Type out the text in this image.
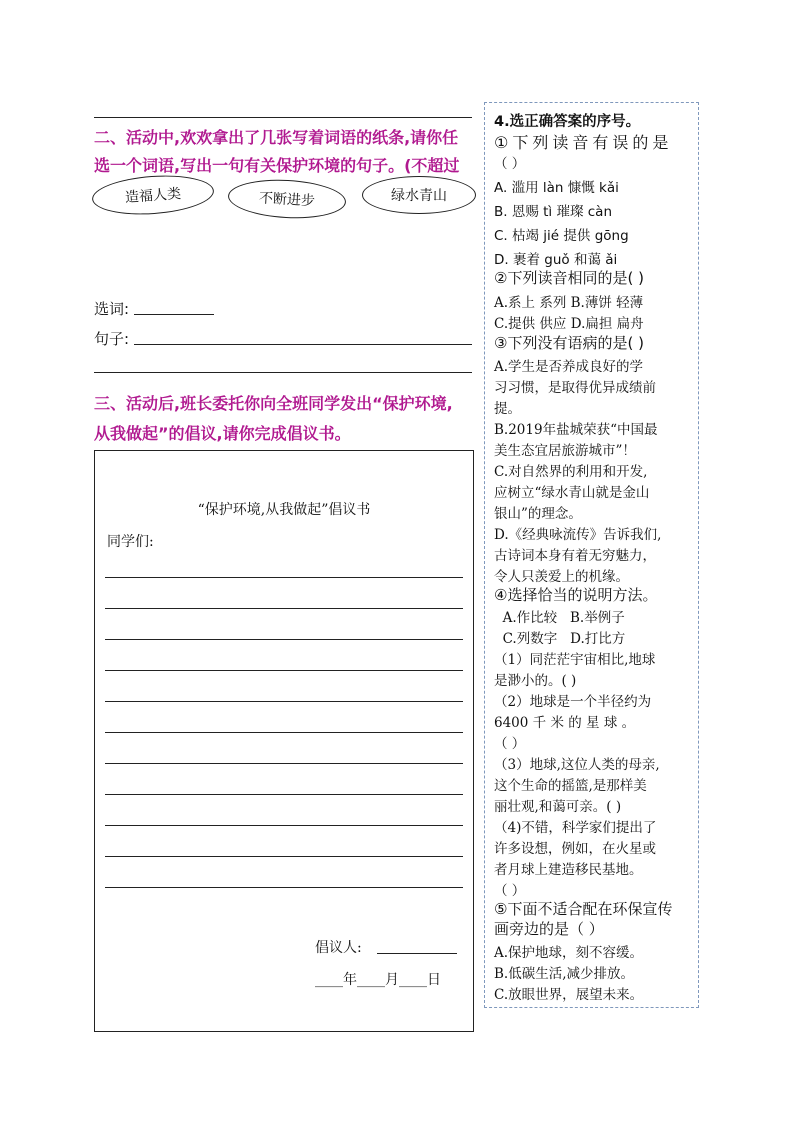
二、活动中,欢欢拿出了几张写着词语的纸条,请你任
选一个词语,写出一句有关保护环境的句子。(不超过
造福人类	不断进步	绿水青山
选词:
句子:
三、活动后,班长委托你向全班同学发出“保护环境,
从我做起”的倡议,请你完成倡议书。
“保护环境,从我做起”倡议书
同学们:
倡议人:
____年____月____日
4.选正确答案的序号。
①下列读音有误的是
（ ）
A. 滥用 làn 慷慨 kǎi
B. 恩赐 tì 璀璨 càn
C. 枯竭 jié 提供 gōng
D. 裹着 guǒ 和蔼 ǎi
②下列读音相同的是( )
A.系上 系列 B.薄饼 轻薄
C.提供 供应 D.扁担 扁舟
③下列没有语病的是( )
A.学生是否养成良好的学
习习惯，是取得优异成绩前
提。
B.2019年盐城荣获“中国最
美生态宜居旅游城市”！
C.对自然界的利用和开发,
应树立“绿水青山就是金山
银山”的理念。
D.《经典咏流传》告诉我们,
古诗词本身有着无穷魅力，
令人只羡爱上的机缘。
④选择恰当的说明方法。
A.作比较   B.举例子
C.列数字   D.打比方
（1）同茫茫宇宙相比,地球
是渺小的。( )
（2）地球是一个半径约为
6400 千 米 的 星 球 。
（ ）
（3）地球,这位人类的母亲,
这个生命的摇篮,是那样美
丽壮观,和蔼可亲。( )
（4)不错，科学家们提出了
许多设想，例如，在火星或
者月球上建造移民基地。
（ ）
⑤下面不适合配在环保宣传
画旁边的是（ ）
A.保护地球，刻不容缓。
B.低碳生活,减少排放。
C.放眼世界，展望未来。
